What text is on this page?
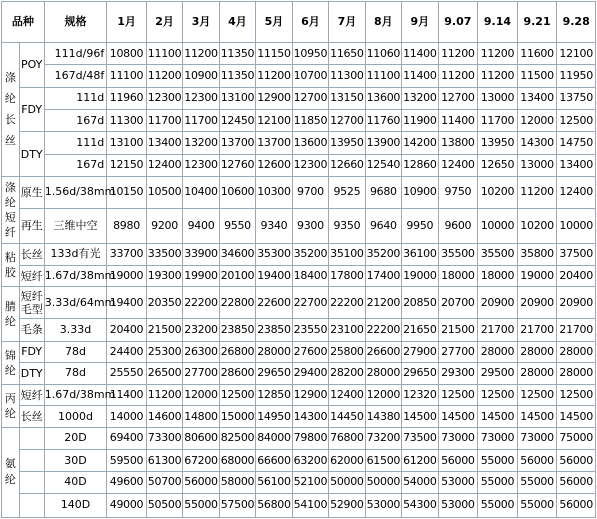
品种		规格	1月	2月	3月	4月	5月	6月	7月	8月	9月	9.07	9.14	9.21	9.28
涤纶长丝	POY	111d/96f	10800	11100	11200	11350	11150	10950	11650	11060	11400	11200	11200	11600	12100
		167d/48f	11100	11200	10900	11350	11200	10700	11300	11100	11400	11200	11200	11500	11950

	FDY	111d	11960	12300	12300	13100	12900	12700	13150	13600	13200	12700	13000	13400	13750
		167d	11300	11700	11700	12450	12100	11850	12700	11760	11900	11400	11700	12000	12500

	DTY	111d	13100	13400	13200	13700	13700	13600	13950	13900	14200	13800	13950	14300	14750
		167d	12150	12400	12300	12760	12600	12300	12660	12540	12860	12400	12650	13000	13400
涤纶短纤	原生	1.56d/38mm	10150	10500	10400	10600	10300	9700	9525	9680	10900	9750	10200	11200	12400

	再生	三维中空	8980	9200	9400	9550	9340	9300	9350	9640	9950	9600	10000	10200	10000
粘胶	长丝	133d有光	33700	33500	33900	34600	35300	35200	35100	35200	36100	35500	35500	35800	37500

	短纤	1.67d/38mm	19000	19300	19900	20100	19400	18400	17800	17400	19000	18000	18000	19000	20400
腈纶	短纤毛型	3.33d/64mm	19400	20350	22200	22800	22600	22700	22200	21200	20850	20700	20900	20900	20900

	毛条	3.33d	20400	21500	23200	23850	23850	23550	23100	22200	21650	21500	21700	21700	21700
锦纶	FDY	78d	24400	25300	26300	26800	28000	27600	25800	26600	27900	27700	28000	28000	28000

	DTY	78d	25550	26500	27700	28600	29650	29400	28200	28000	29650	29300	29500	28000	28000
丙纶	短纤	1.67d/38mm	11400	11200	12000	12500	12850	12900	12400	12000	12320	12500	12500	12500	12500

	长丝	1000d	14000	14600	14800	15000	14950	14300	14450	14380	14500	14500	14500	14500	14500
氨纶		20D	69400	73300	80600	82500	84000	79800	76800	73200	73500	73000	73000	73000	75000

		30D	59500	61300	67200	68000	66600	63200	62000	61500	61200	56000	55000	56000	56000

		40D	49600	50700	56000	58000	56100	52100	50000	50000	54000	53000	55000	55000	56000

		140D	49000	50500	55000	57500	56800	54100	52900	53000	54300	53000	55000	55000	56000
